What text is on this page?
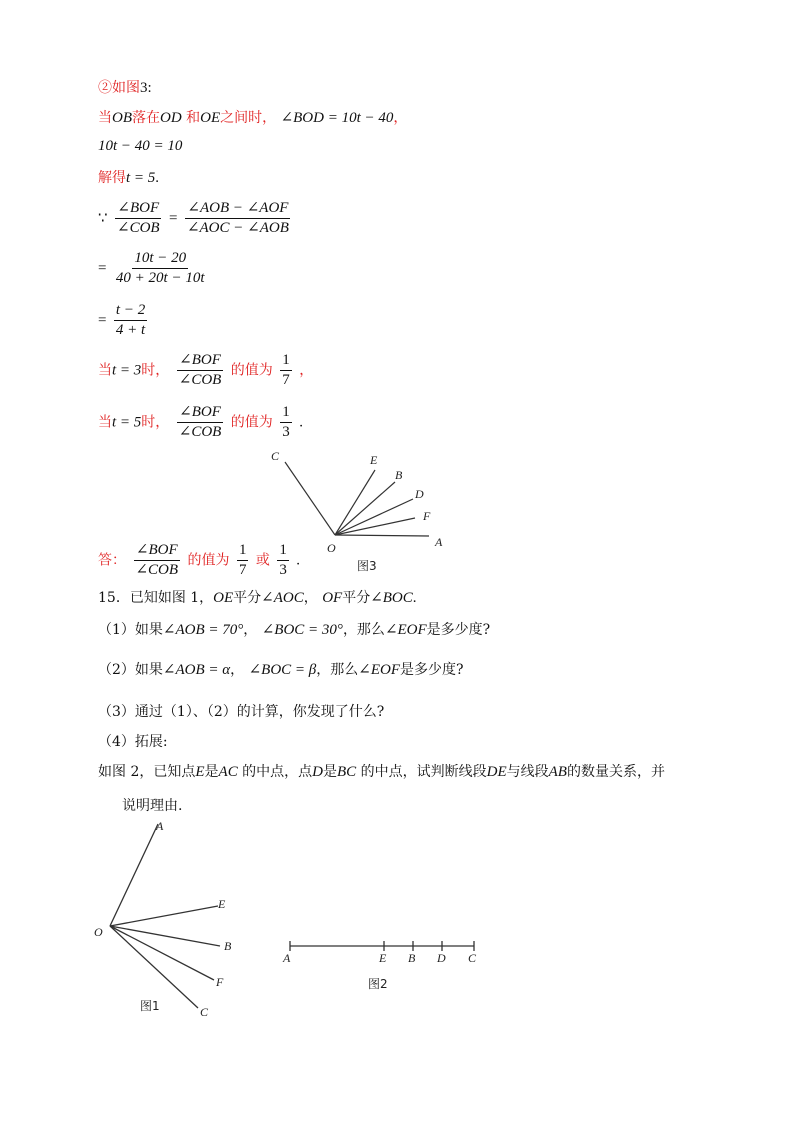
②如图3:
当OB落在OD 和OE之间时， ∠BOD = 10t − 40，
10t − 40 = 10
解得t = 5.
∵ $\frac{\text{∠BOF}}{\text{∠COB}} = \frac{\text{∠AOB − ∠AOF}}{\text{∠AOC − ∠AOB}}$
= $\frac{10t - 20}{40 + 20t - 10t}$
= $\frac{t - 2}{4 + t}$
当t = 3时， $\frac{\text{∠BOF}}{\text{∠COB}}$ 的值为 $\frac{1}{7}$ ，
当t = 5时， $\frac{\text{∠BOF}}{\text{∠COB}}$ 的值为 $\frac{1}{3}$ .
C	E
B
D
F
A
O
图3
答： $\frac{\text{∠BOF}}{\text{∠COB}}$ 的值为 $\frac{1}{7}$ 或 $\frac{1}{3}$ .
15．已知如图 1，OE平分∠AOC， OF平分∠BOC.
（1）如果∠AOB = 70°， ∠BOC = 30°，那么∠EOF是多少度?
（2）如果∠AOB = α， ∠BOC = β，那么∠EOF是多少度?
（3）通过（1）、（2）的计算，你发现了什么?
（4）拓展:
如图 2，已知点E是AC 的中点，点D是BC 的中点，试判断线段DE与线段AB的数量关系，并
说明理由.
A
E
O
B
F
C
图1
A	E B D C
图2
